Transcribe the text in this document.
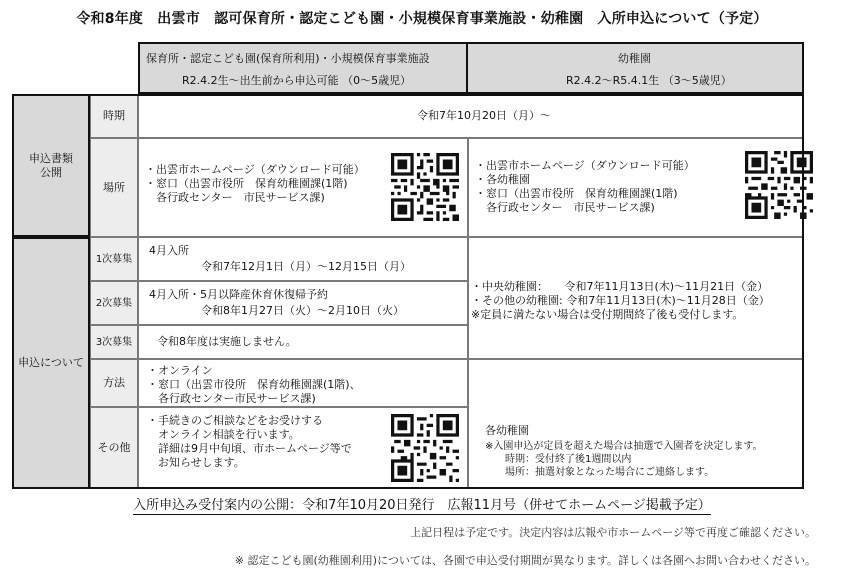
令和8年度　出雲市　認可保育所・認定こども園・小規模保育事業施設・幼稚園　入所申込について（予定）
保育所・認定こども園(保育所利用)・小規模保育事業施設
R2.4.2生～出生前から申込可能 （0～5歳児）
幼稚園
R2.4.2～R5.4.1生 （3～5歳児）
申込書類
公開
時期	令和7年10月20日（月）～
場所
・出雲市ホームページ（ダウンロード可能）
・窓口（出雲市役所　保育幼稚園課(1階)
　各行政センター　市民サービス課)
・出雲市ホームページ（ダウンロード可能）
・各幼稚園
・窓口（出雲市役所　保育幼稚園課(1階)
　各行政センター　市民サービス課)
申込について
1次募集
4月入所
令和7年12月1日（月）～12月15日（月）
2次募集
4月入所・5月以降産休育休復帰予約
令和8年1月27日（火）～2月10日（火）
3次募集	令和8年度は実施しません。
・中央幼稚園：　　令和7年11月13日(木)～11月21日（金）
・その他の幼稚園: 令和7年11月13日(木)～11月28日（金）
※定員に満たない場合は受付期間終了後も受付します。
方法
・オンライン
・窓口（出雲市役所　保育幼稚園課(1階)、
　各行政センター市民サービス課)
その他
・手続きのご相談などをお受けする
　オンライン相談を行います。
　詳細は9月中旬頃、市ホームページ等で
　お知らせします。
各幼稚園
※入園申込が定員を超えた場合は抽選で入園者を決定します。
　　時期：受付終了後1週間以内
　　場所：抽選対象となった場合にご連絡します。
入所申込み受付案内の公開：令和7年10月20日発行　広報11月号（併せてホームページ掲載予定）
上記日程は予定です。決定内容は広報や市ホームページ等で再度ご確認ください。
※ 認定こども園(幼稚園利用)については、各園で申込受付期間が異なります。詳しくは各園へお問い合わせください。
